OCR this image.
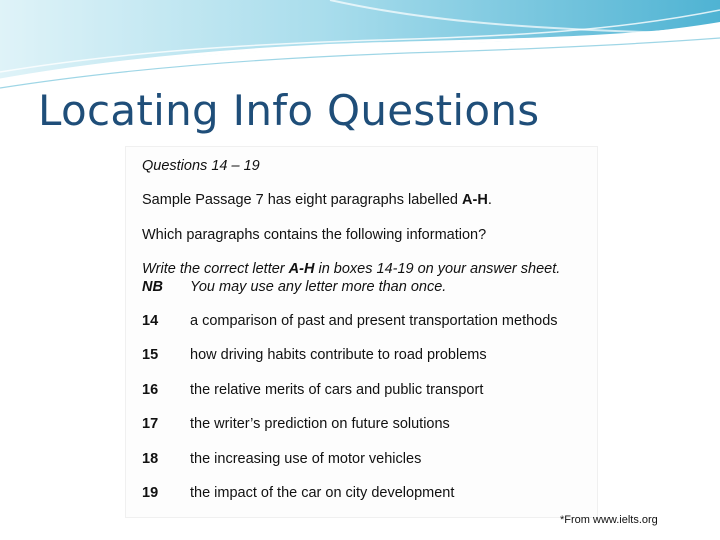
Locating Info Questions
Questions 14 – 19
Sample Passage 7 has eight paragraphs labelled A-H.
Which paragraphs contains the following information?
Write the correct letter A-H in boxes 14-19 on your answer sheet.
NB You may use any letter more than once.
14 a comparison of past and present transportation methods
15 how driving habits contribute to road problems
16 the relative merits of cars and public transport
17 the writer’s prediction on future solutions
18 the increasing use of motor vehicles
19 the impact of the car on city development
*From www.ielts.org
